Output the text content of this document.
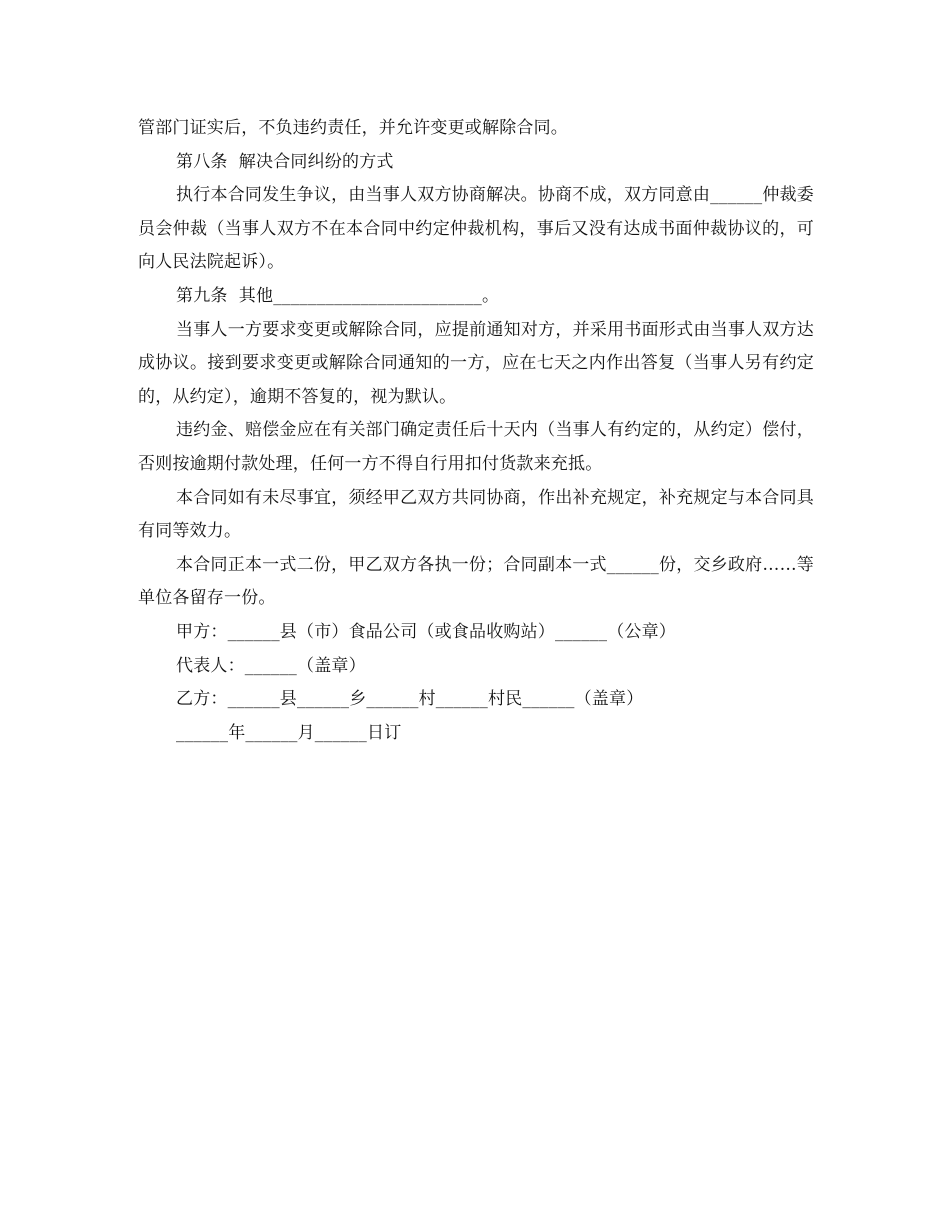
管部门证实后，不负违约责任，并允许变更或解除合同。

第八条  解决合同纠纷的方式

执行本合同发生争议，由当事人双方协商解决。协商不成，双方同意由______仲裁委员会仲裁（当事人双方不在本合同中约定仲裁机构，事后又没有达成书面仲裁协议的，可向人民法院起诉）。

第九条  其他________________________。

当事人一方要求变更或解除合同，应提前通知对方，并采用书面形式由当事人双方达成协议。接到要求变更或解除合同通知的一方，应在七天之内作出答复（当事人另有约定的，从约定），逾期不答复的，视为默认。

违约金、赔偿金应在有关部门确定责任后十天内（当事人有约定的，从约定）偿付，否则按逾期付款处理，任何一方不得自行用扣付货款来充抵。

本合同如有未尽事宜，须经甲乙双方共同协商，作出补充规定，补充规定与本合同具有同等效力。

本合同正本一式二份，甲乙双方各执一份；合同副本一式______份，交乡政府……等单位各留存一份。

甲方：______县（市）食品公司（或食品收购站）______（公章）

代表人：______（盖章）

乙方：______县______乡______村______村民______（盖章）

______年______月______日订
